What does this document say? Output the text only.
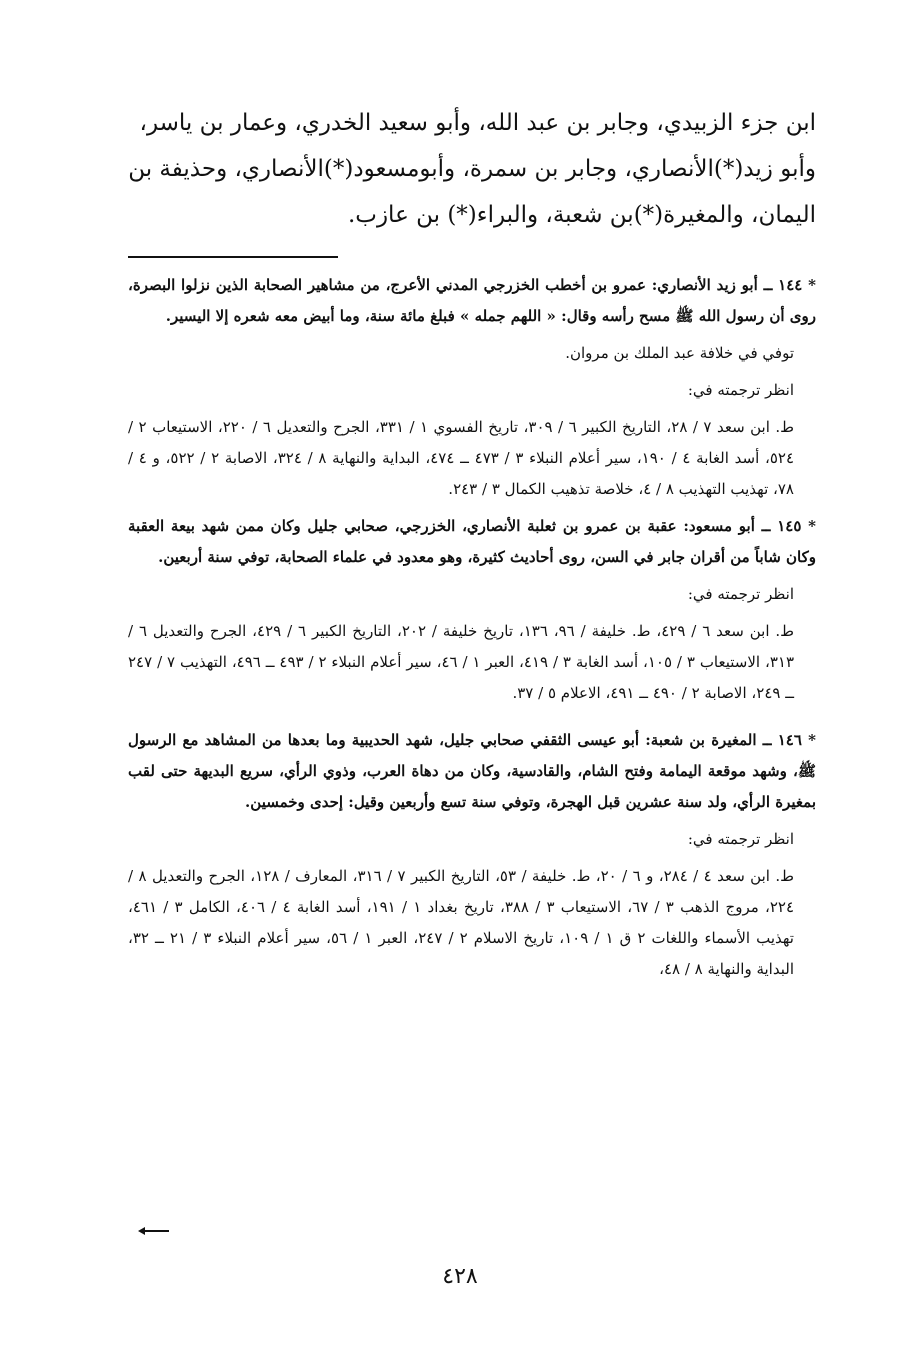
ابن جزء الزبيدي، وجابر بن عبد الله، وأبو سعيد الخدري، وعمار بن ياسر،

وأبو زيد(*)الأنصاري، وجابر بن سمرة، وأبومسعود(*)الأنصاري، وحذيفة بن

اليمان، والمغيرة(*)بن شعبة، والبراء(*) بن عازب.

* ١٤٤ ــ أبو زيد الأنصاري: عمرو بن أخطب الخزرجي المدني الأعرج، من مشاهير الصحابة الذين نزلوا البصرة، روى أن رسول الله ﷺ مسح رأسه وقال: « اللهم جمله » فبلغ مائة سنة، وما أبيض معه شعره إلا اليسير.

توفي في خلافة عبد الملك بن مروان.

انظر ترجمته في:

ط. ابن سعد ٧ / ٢٨، التاريخ الكبير ٦ / ٣٠٩، تاريخ الفسوي ١ / ٣٣١، الجرح والتعديل ٦ / ٢٢٠، الاستيعاب ٢ / ٥٢٤، أسد الغابة ٤ / ١٩٠، سير أعلام النبلاء ٣ / ٤٧٣ ــ ٤٧٤، البداية والنهاية ٨ / ٣٢٤، الاصابة ٢ / ٥٢٢، و ٤ / ٧٨، تهذيب التهذيب ٨ / ٤، خلاصة تذهيب الكمال ٣ / ٢٤٣.

* ١٤٥ ــ أبو مسعود: عقبة بن عمرو بن ثعلبة الأنصاري، الخزرجي، صحابي جليل وكان ممن شهد بيعة العقبة وكان شاباً من أقران جابر في السن، روى أحاديث كثيرة، وهو معدود في علماء الصحابة، توفي سنة أربعين.

انظر ترجمته في:

ط. ابن سعد ٦ / ٤٢٩، ط. خليفة / ٩٦، ١٣٦، تاريخ خليفة / ٢٠٢، التاريخ الكبير ٦ / ٤٢٩، الجرح والتعديل ٦ / ٣١٣، الاستيعاب ٣ / ١٠٥، أسد الغابة ٣ / ٤١٩، العبر ١ / ٤٦، سير أعلام النبلاء ٢ / ٤٩٣ ــ ٤٩٦، التهذيب ٧ / ٢٤٧ ــ ٢٤٩، الاصابة ٢ / ٤٩٠ ــ ٤٩١، الاعلام ٥ / ٣٧.

* ١٤٦ ــ المغيرة بن شعبة: أبو عيسى الثقفي صحابي جليل، شهد الحديبية وما بعدها من المشاهد مع الرسول ﷺ، وشهد موقعة اليمامة وفتح الشام، والقادسية، وكان من دهاة العرب، وذوي الرأي، سريع البديهة حتى لقب بمغيرة الرأي، ولد سنة عشرين قبل الهجرة، وتوفي سنة تسع وأربعين وقيل: إحدى وخمسين.

انظر ترجمته في:

ط. ابن سعد ٤ / ٢٨٤، و ٦ / ٢٠، ط. خليفة / ٥٣، التاريخ الكبير ٧ / ٣١٦، المعارف / ١٢٨، الجرح والتعديل ٨ / ٢٢٤، مروج الذهب ٣ / ٦٧، الاستيعاب ٣ / ٣٨٨، تاريخ بغداد ١ / ١٩١، أسد الغابة ٤ / ٤٠٦، الكامل ٣ / ٤٦١، تهذيب الأسماء واللغات ٢ ق ١ / ١٠٩، تاريخ الاسلام ٢ / ٢٤٧، العبر ١ / ٥٦، سير أعلام النبلاء ٣ / ٢١ ــ ٣٢، البداية والنهاية ٨ / ٤٨،

٤٢٨
